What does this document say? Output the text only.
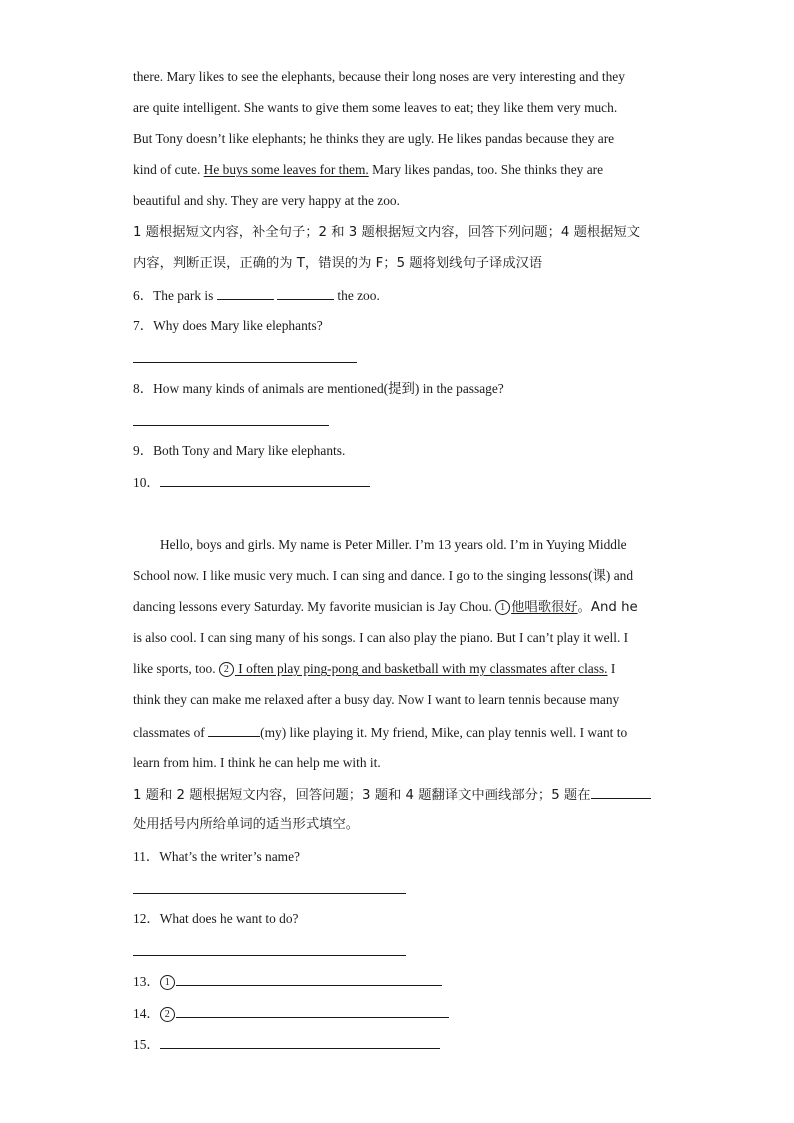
there. Mary likes to see the elephants, because their long noses are very interesting and they
are quite intelligent. She wants to give them some leaves to eat; they like them very much.
But Tony doesn’t like elephants; he thinks they are ugly. He likes pandas because they are
kind of cute. He buys some leaves for them. Mary likes pandas, too. She thinks they are
beautiful and shy. They are very happy at the zoo.
1 题根据短文内容，补全句子；2 和 3 题根据短文内容，回答下列问题；4 题根据短文
内容，判断正误，正确的为 T，错误的为 F；5 题将划线句子译成汉语
6．The park is	the zoo.
7．Why does Mary like elephants?
8．How many kinds of animals are mentioned(提到) in the passage?
9．Both Tony and Mary like elephants.
10．
Hello, boys and girls. My name is Peter Miller. I’m 13 years old. I’m in Yuying Middle
School now. I like music very much. I can sing and dance. I go to the singing lessons(课) and
dancing lessons every Saturday. My favorite musician is Jay Chou. 1 他唱歌很好。And he
is also cool. I can sing many of his songs. I can also play the piano. But I can’t play it well. I
like sports, too. 2 I often play ping-pong and basketball with my classmates after class. I
think they can make me relaxed after a busy day. Now I want to learn tennis because many
classmates of	(my) like playing it. My friend, Mike, can play tennis well. I want to
learn from him. I think he can help me with it.
1 题和 2 题根据短文内容，回答问题；3 题和 4 题翻译文中画线部分；5 题在
处用括号内所给单词的适当形式填空。
11．What’s the writer’s name?
12．What does he want to do?
13． 1
14． 2
15．
